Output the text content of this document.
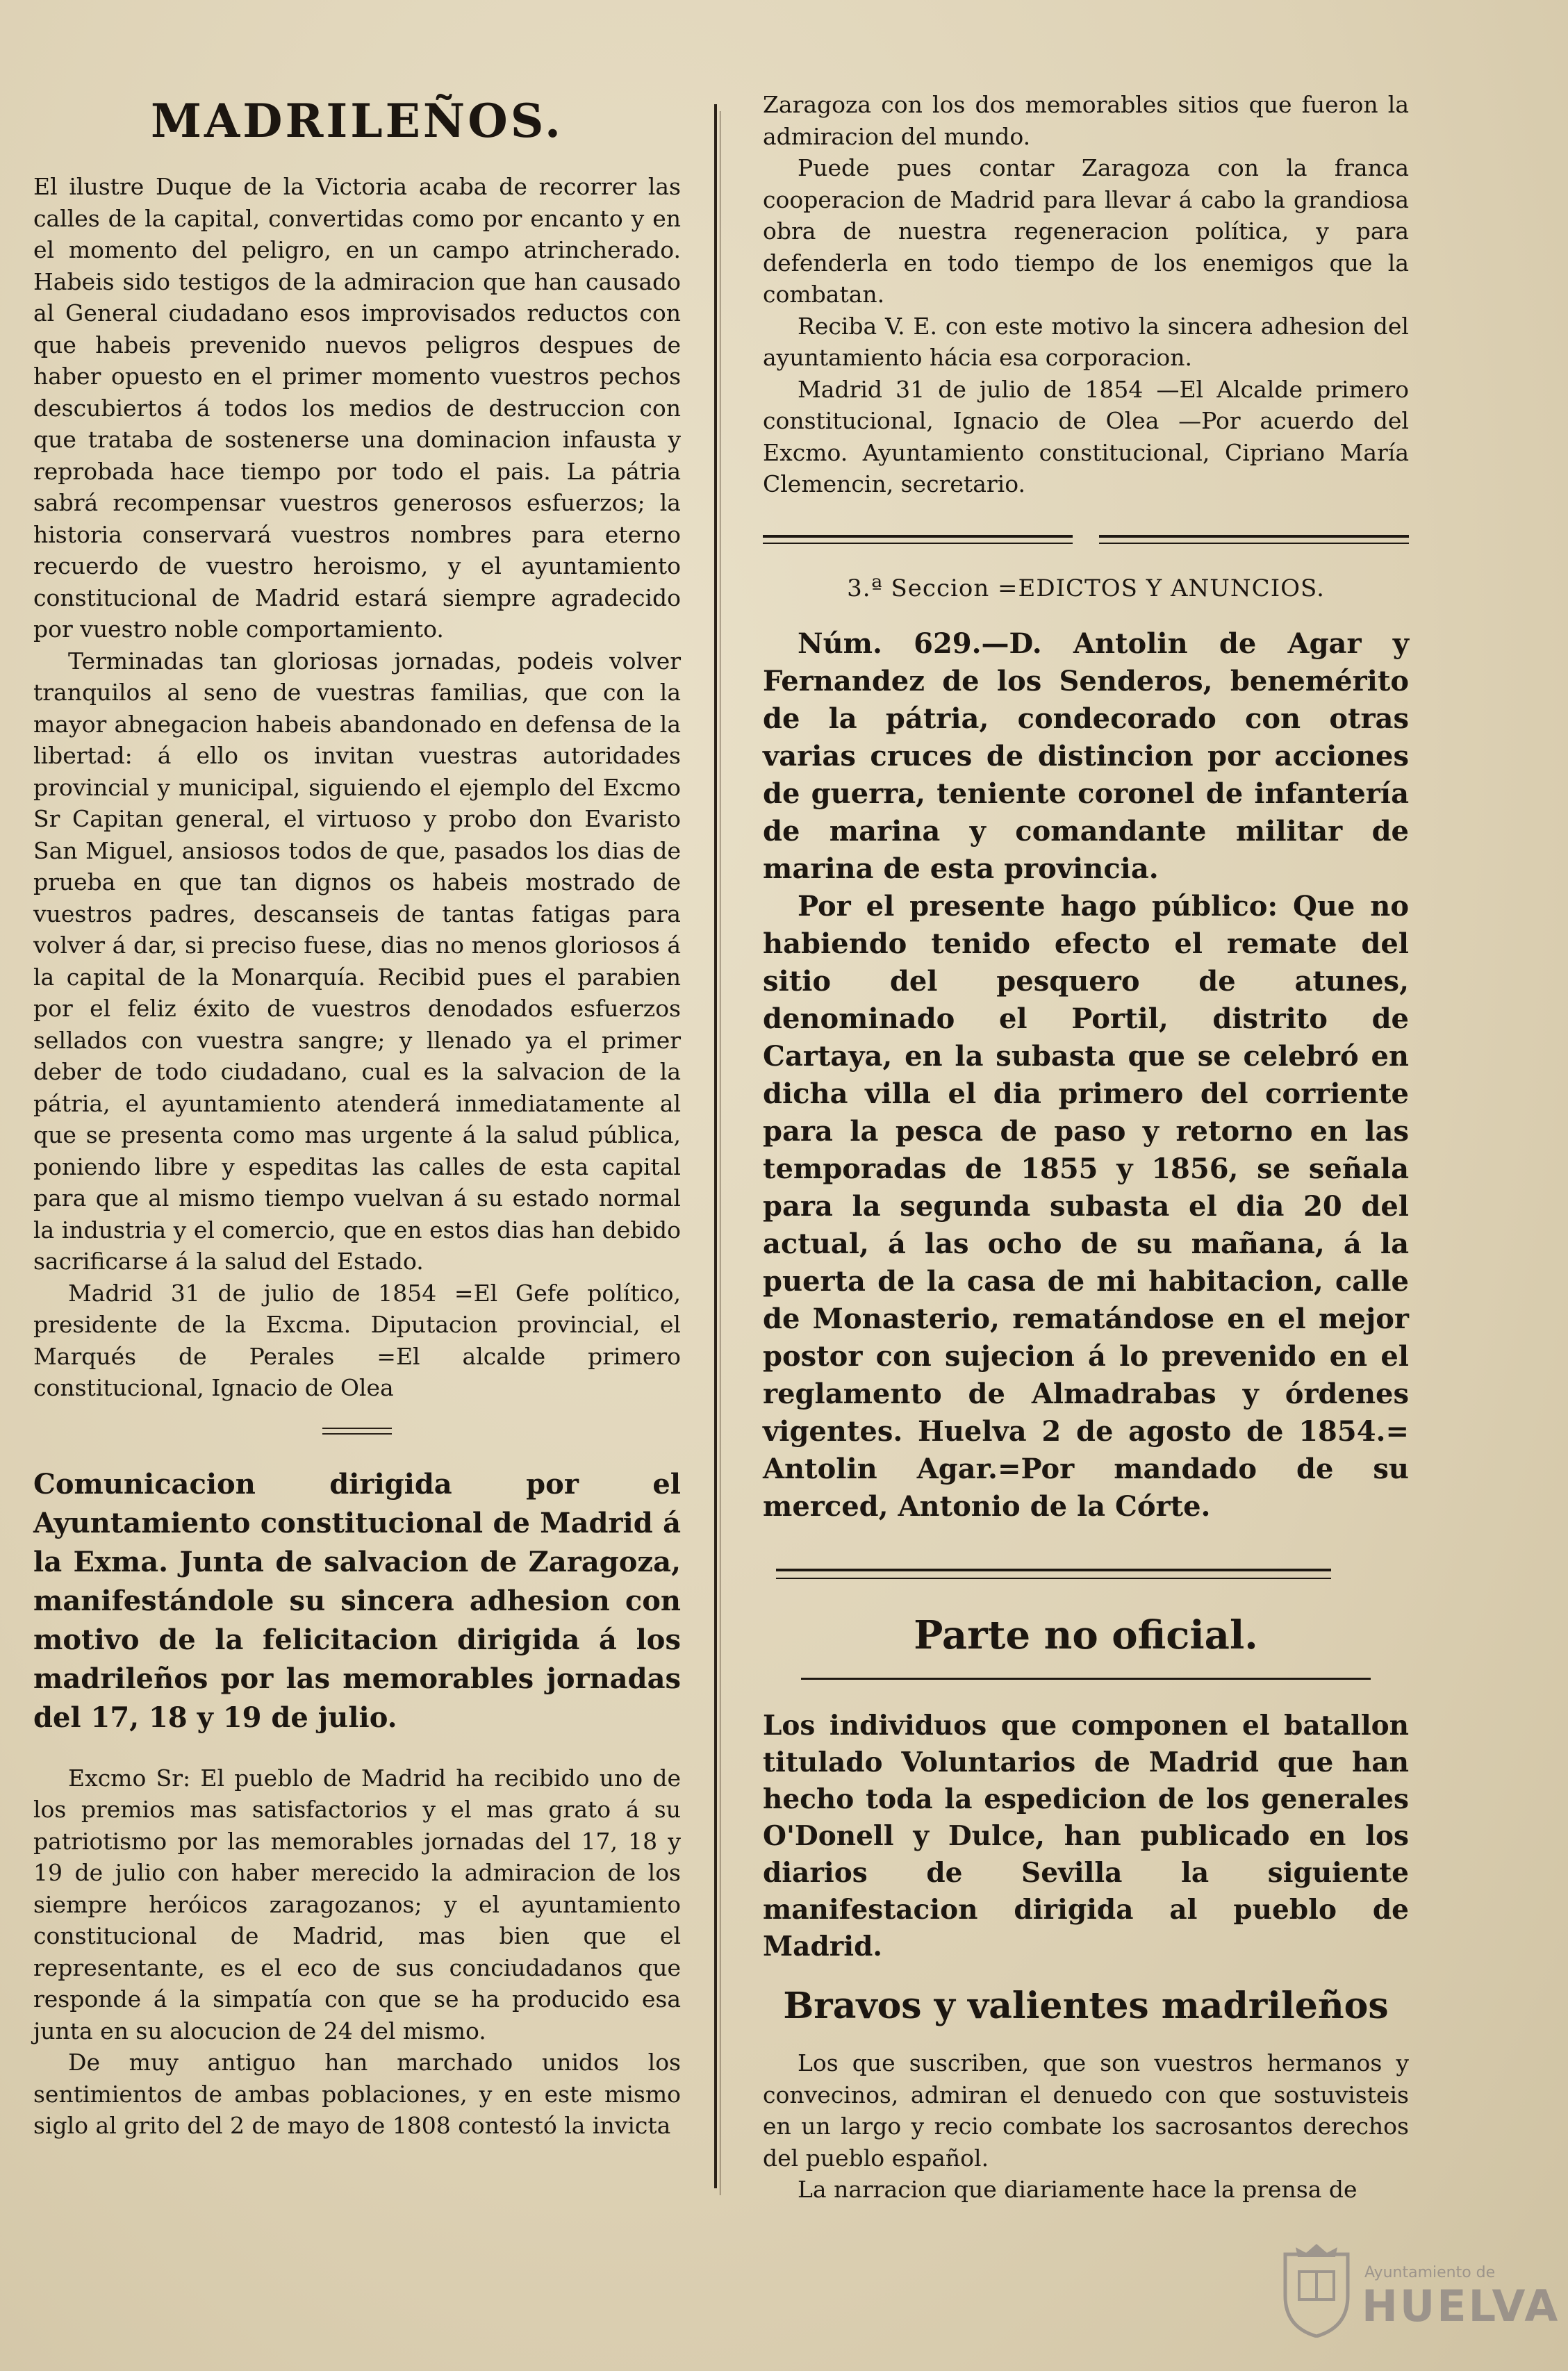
MADRILEÑOS.

El ilustre Duque de la Victoria acaba de recorrer las calles de la capital, convertidas como por encanto y en el momento del peligro, en un campo atrincherado. Habeis sido testigos de la admiracion que han causado al General ciudadano esos improvisados reductos con que habeis prevenido nuevos peligros despues de haber opuesto en el primer momento vuestros pechos descubiertos á todos los medios de destruccion con que trataba de sostenerse una dominacion infausta y reprobada hace tiempo por todo el pais. La pátria sabrá recompensar vuestros generosos esfuerzos; la historia conservará vuestros nombres para eterno recuerdo de vuestro heroismo, y el ayuntamiento constitucional de Madrid estará siempre agradecido por vuestro noble comportamiento.

Terminadas tan gloriosas jornadas, podeis volver tranquilos al seno de vuestras familias, que con la mayor abnegacion habeis abandonado en defensa de la libertad: á ello os invitan vuestras autoridades provincial y municipal, siguiendo el ejemplo del Excmo Sr Capitan general, el virtuoso y probo don Evaristo San Miguel, ansiosos todos de que, pasados los dias de prueba en que tan dignos os habeis mostrado de vuestros padres, descanseis de tantas fatigas para volver á dar, si preciso fuese, dias no menos gloriosos á la capital de la Monarquía. Recibid pues el parabien por el feliz éxito de vuestros denodados esfuerzos sellados con vuestra sangre; y llenado ya el primer deber de todo ciudadano, cual es la salvacion de la pátria, el ayuntamiento atenderá inmediatamente al que se presenta como mas urgente á la salud pública, poniendo libre y espeditas las calles de esta capital para que al mismo tiempo vuelvan á su estado normal la industria y el comercio, que en estos dias han debido sacrificarse á la salud del Estado.

Madrid 31 de julio de 1854 =El Gefe político, presidente de la Excma. Diputacion provincial, el Marqués de Perales =El alcalde primero constitucional, Ignacio de Olea

Comunicacion dirigida por el Ayuntamiento constitucional de Madrid á la Exma. Junta de salvacion de Zaragoza, manifestándole su sincera adhesion con motivo de la felicitacion dirigida á los madrileños por las memorables jornadas del 17, 18 y 19 de julio.

Excmo Sr: El pueblo de Madrid ha recibido uno de los premios mas satisfactorios y el mas grato á su patriotismo por las memorables jornadas del 17, 18 y 19 de julio con haber merecido la admiracion de los siempre heróicos zaragozanos; y el ayuntamiento constitucional de Madrid, mas bien que el representante, es el eco de sus conciudadanos que responde á la simpatía con que se ha producido esa junta en su alocucion de 24 del mismo.

De muy antiguo han marchado unidos los sentimientos de ambas poblaciones, y en este mismo siglo al grito del 2 de mayo de 1808 contestó la invicta

Zaragoza con los dos memorables sitios que fueron la admiracion del mundo.

Puede pues contar Zaragoza con la franca cooperacion de Madrid para llevar á cabo la grandiosa obra de nuestra regeneracion política, y para defenderla en todo tiempo de los enemigos que la combatan.

Reciba V. E. con este motivo la sincera adhesion del ayuntamiento hácia esa corporacion.

Madrid 31 de julio de 1854 —El Alcalde primero constitucional, Ignacio de Olea —Por acuerdo del Excmo. Ayuntamiento constitucional, Cipriano María Clemencin, secretario.

3.ª Seccion =EDICTOS Y ANUNCIOS.

Núm. 629.—D. Antolin de Agar y Fernandez de los Senderos, benemérito de la pátria, condecorado con otras varias cruces de distincion por acciones de guerra, teniente coronel de infantería de marina y comandante militar de marina de esta provincia.

Por el presente hago público: Que no habiendo tenido efecto el remate del sitio del pesquero de atunes, denominado el Portil, distrito de Cartaya, en la subasta que se celebró en dicha villa el dia primero del corriente para la pesca de paso y retorno en las temporadas de 1855 y 1856, se señala para la segunda subasta el dia 20 del actual, á las ocho de su mañana, á la puerta de la casa de mi habitacion, calle de Monasterio, rematándose en el mejor postor con sujecion á lo prevenido en el reglamento de Almadrabas y órdenes vigentes. Huelva 2 de agosto de 1854.= Antolin Agar.=Por mandado de su merced, Antonio de la Córte.

Parte no oficial.

Los individuos que componen el batallon titulado Voluntarios de Madrid que han hecho toda la espedicion de los generales O'Donell y Dulce, han publicado en los diarios de Sevilla la siguiente manifestacion dirigida al pueblo de Madrid.

Bravos y valientes madrileños

Los que suscriben, que son vuestros hermanos y convecinos, admiran el denuedo con que sostuvisteis en un largo y recio combate los sacrosantos derechos del pueblo español.

La narracion que diariamente hace la prensa de

Ayuntamiento de
HUELVA
